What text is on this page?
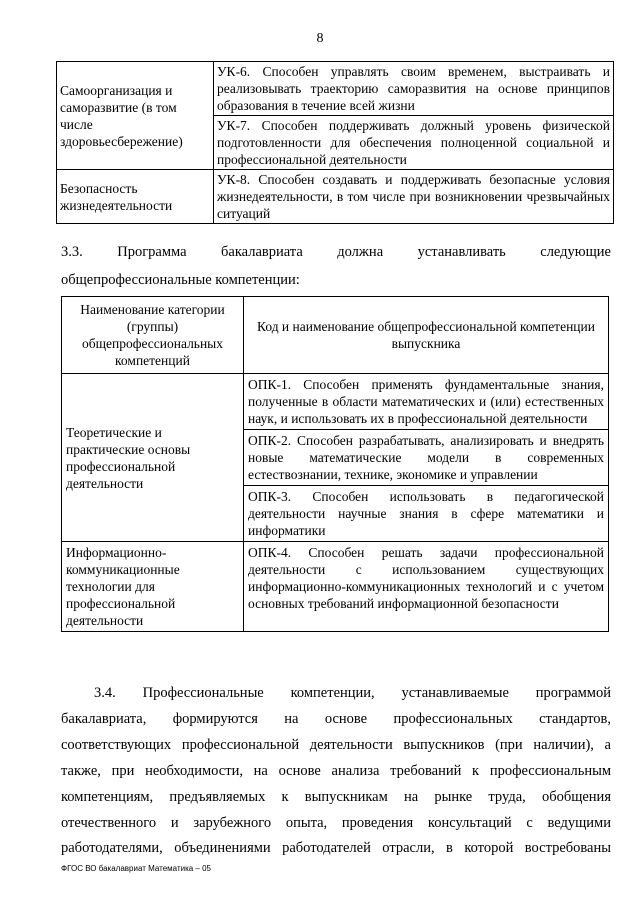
8
Самоорганизация и саморазвитие (в том числе здоровьесбережение)	УК-6. Способен управлять своим временем, выстраивать и реализовывать траекторию саморазвития на основе принципов образования в течение всей жизни
	УК-7. Способен поддерживать должный уровень физической подготовленности для обеспечения полноценной социальной и профессиональной деятельности
Безопасность жизнедеятельности	УК-8. Способен создавать и поддерживать безопасные условия жизнедеятельности, в том числе при возникновении чрезвычайных ситуаций
3.3. Программа бакалавриата должна устанавливать следующие
общепрофессиональные компетенции:
Наименование категории (группы) общепрофессиональных компетенций	Код и наименование общепрофессиональной компетенции выпускника
Теоретические и практические основы профессиональной деятельности	ОПК-1. Способен применять фундаментальные знания, полученные в области математических и (или) естественных наук, и использовать их в профессиональной деятельности
	ОПК-2. Способен разрабатывать, анализировать и внедрять новые математические модели в современных естествознании, технике, экономике и управлении
	ОПК-3. Способен использовать в педагогической деятельности научные знания в сфере математики и информатики
Информационно-коммуникационные технологии для профессиональной деятельности	ОПК-4. Способен решать задачи профессиональной деятельности с использованием существующих информационно-коммуникационных технологий и с учетом основных требований информационной безопасности
3.4. Профессиональные компетенции, устанавливаемые программой
бакалавриата, формируются на основе профессиональных стандартов,
соответствующих профессиональной деятельности выпускников (при наличии), а
также, при необходимости, на основе анализа требований к профессиональным
компетенциям, предъявляемых к выпускникам на рынке труда, обобщения
отечественного и зарубежного опыта, проведения консультаций с ведущими
работодателями, объединениями работодателей отрасли, в которой востребованы
ФГОС ВО бакалавриат Математика – 05
